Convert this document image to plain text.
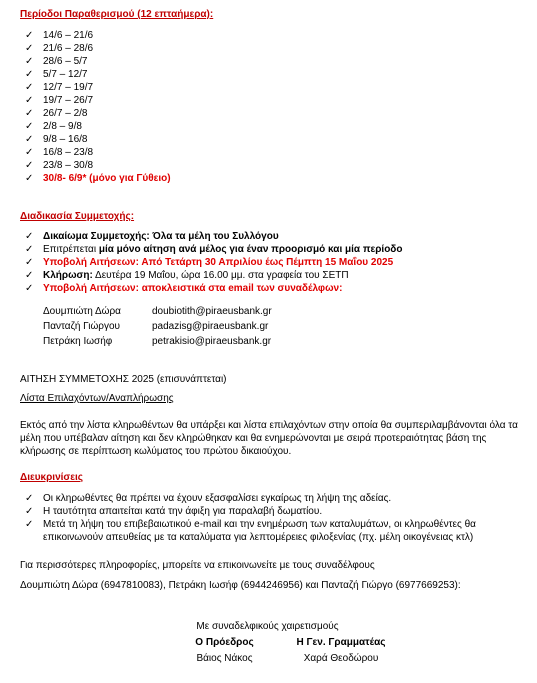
Περίοδοι Παραθερισμού (12 επταήμερα):
✓ 14/6 – 21/6
✓ 21/6 – 28/6
✓ 28/6 – 5/7
✓ 5/7 – 12/7
✓ 12/7 – 19/7
✓ 19/7 – 26/7
✓ 26/7 – 2/8
✓ 2/8 – 9/8
✓ 9/8 – 16/8
✓ 16/8 – 23/8
✓ 23/8 – 30/8
✓ 30/8- 6/9* (μόνο για Γύθειο)
Διαδικασία Συμμετοχής:
✓ Δικαίωμα Συμμετοχής: Όλα τα μέλη του Συλλόγου
✓ Επιτρέπεται μία μόνο αίτηση ανά μέλος για έναν προορισμό και μία περίοδο
✓ Υποβολή Αιτήσεων: Από Τετάρτη 30 Απριλίου έως Πέμπτη 15 Μαΐου 2025
✓ Κλήρωση: Δευτέρα 19 Μαΐου, ώρα 16.00 μμ. στα γραφεία του ΣΕΤΠ
✓ Υποβολή Αιτήσεων: αποκλειστικά στα email των συναδέλφων:
Δουμπιώτη Δώρα	doubiotith@piraeusbank.gr
Πανταζή Γιώργου	padazisg@piraeusbank.gr
Πετράκη Ιωσήφ	petrakisio@piraeusbank.gr
ΑΙΤΗΣΗ ΣΥΜΜΕΤΟΧΗΣ 2025 (επισυνάπτεται)
Λίστα Επιλαχόντων/Αναπλήρωσης
Εκτός από την λίστα κληρωθέντων θα υπάρξει και λίστα επιλαχόντων στην οποία θα συμπεριλαμβάνονται όλα τα μέλη που υπέβαλαν αίτηση και δεν κληρώθηκαν και θα ενημερώνονται με σειρά προτεραιότητας βάση της κλήρωσης σε περίπτωση κωλύματος του πρώτου δικαιούχου.
Διευκρινίσεις
✓ Οι κληρωθέντες θα πρέπει να έχουν εξασφαλίσει εγκαίρως τη λήψη της αδείας.
✓ Η ταυτότητα απαιτείται κατά την άφιξη για παραλαβή δωματίου.
✓ Μετά τη λήψη του επιβεβαιωτικού e-mail και την ενημέρωση των καταλυμάτων, οι κληρωθέντες θα επικοινωνούν απευθείας με τα καταλύματα για λεπτομέρειες φιλοξενίας (πχ. μέλη οικογένειας κτλ)
Για περισσότερες πληροφορίες, μπορείτε να επικοινωνείτε με τους συναδέλφους
Δουμπιώτη Δώρα (6947810083), Πετράκη Ιωσήφ (6944246956) και Πανταζή Γιώργο (6977669253):
Με συναδελφικούς χαιρετισμούς
Ο Πρόεδρος	Η Γεν. Γραμματέας
Βάιος Νάκος	Χαρά Θεοδώρου
